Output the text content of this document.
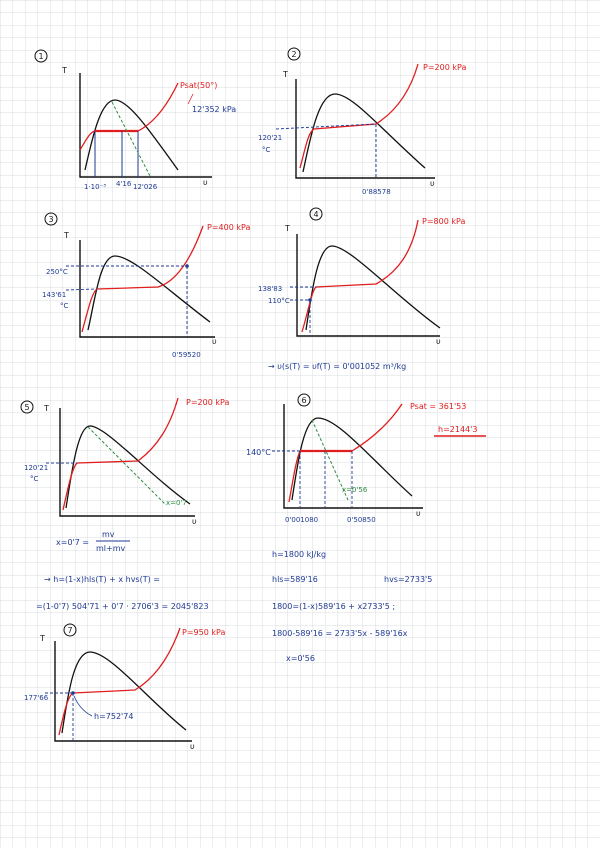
1
T
υ
Psat(50°)
12'352 kPa
1·10⁻³ 4'16 12'026
2
T
υ
P=200 kPa
120'21
°C
0'88578
3
T
υ
P=400 kPa
250°C
143'61
°C
0'59520
4
T
υ
P=800 kPa
138'83
110°C
→ υ(s(T) = υf(T) = 0'001052 m³/kg
5 T
υ
P=200 kPa
120'21
°C
x=0'7
x=0'7 =
mv
ml+mv
→ h=(1-x)hls(T) + x hvs(T) =
=(1-0'7) 504'71 + 0'7 · 2706'3 = 2045'823
6
υ
Psat = 361'53
h=2144'3
140°C
x=0'56
0'001080	0'50850
h=1800 kJ/kg
hls=589'16	hvs=2733'5
1800=(1-x)589'16 + x2733'5 ;
1800-589'16 = 2733'5x - 589'16x
x=0'56
7
T
υ
P=950 kPa
177'66
h=752'74
